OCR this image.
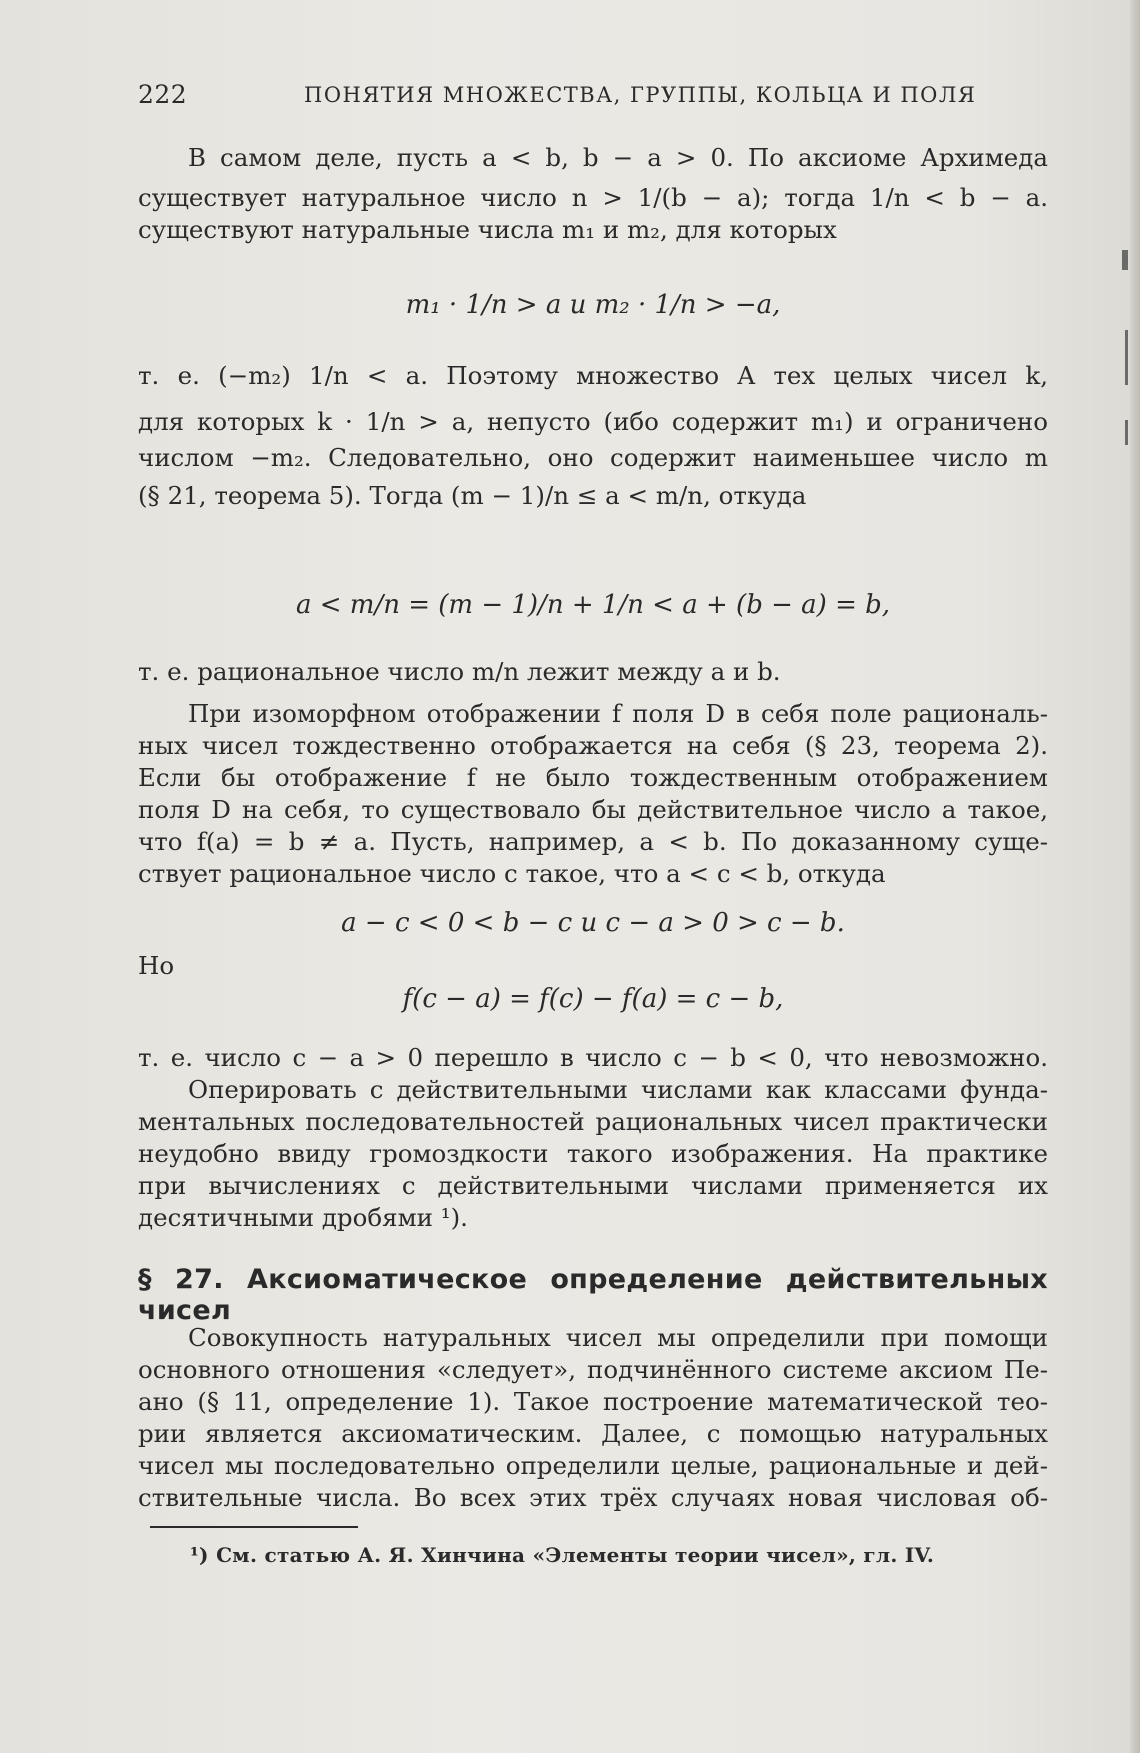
222	ПОНЯТИЯ МНОЖЕСТВА, ГРУППЫ, КОЛЬЦА И ПОЛЯ
В самом деле, пусть a < b, b − a > 0. По аксиоме Архимеда
существует натуральное число n > 1/(b − a); тогда 1/n < b − a.
существуют натуральные числа m₁ и m₂, для которых
m₁ · 1/n > a и m₂ · 1/n > −a,
т. е. (−m₂) 1/n < a. Поэтому множество A тех целых чисел k,
для которых k · 1/n > a, непусто (ибо содержит m₁) и ограничено
числом −m₂. Следовательно, оно содержит наименьшее число m
(§ 21, теорема 5). Тогда (m − 1)/n ≤ a < m/n, откуда
a < m/n = (m − 1)/n + 1/n < a + (b − a) = b,
т. е. рациональное число m/n лежит между a и b.
При изоморфном отображении f поля D в себя поле рациональ-
ных чисел тождественно отображается на себя (§ 23, теорема 2).
Если бы отображение f не было тождественным отображением
поля D на себя, то существовало бы действительное число a такое,
что f(a) = b ≠ a. Пусть, например, a < b. По доказанному суще-
ствует рациональное число c такое, что a < c < b, откуда
a − c < 0 < b − c и c − a > 0 > c − b.
Но
f(c − a) = f(c) − f(a) = c − b,
т. е. число c − a > 0 перешло в число c − b < 0, что невозможно.
Оперировать с действительными числами как классами фунда-
ментальных последовательностей рациональных чисел практически
неудобно ввиду громоздкости такого изображения. На практике
при вычислениях с действительными числами применяется их
десятичными дробями ¹).
§ 27. Аксиоматическое определение действительных чисел
Совокупность натуральных чисел мы определили при помощи
основного отношения «следует», подчинённого системе аксиом Пе-
ано (§ 11, определение 1). Такое построение математической тео-
рии является аксиоматическим. Далее, с помощью натуральных
чисел мы последовательно определили целые, рациональные и дей-
ствительные числа. Во всех этих трёх случаях новая числовая об-
¹) См. статью А. Я. Хинчина «Элементы теории чисел», гл. IV.
